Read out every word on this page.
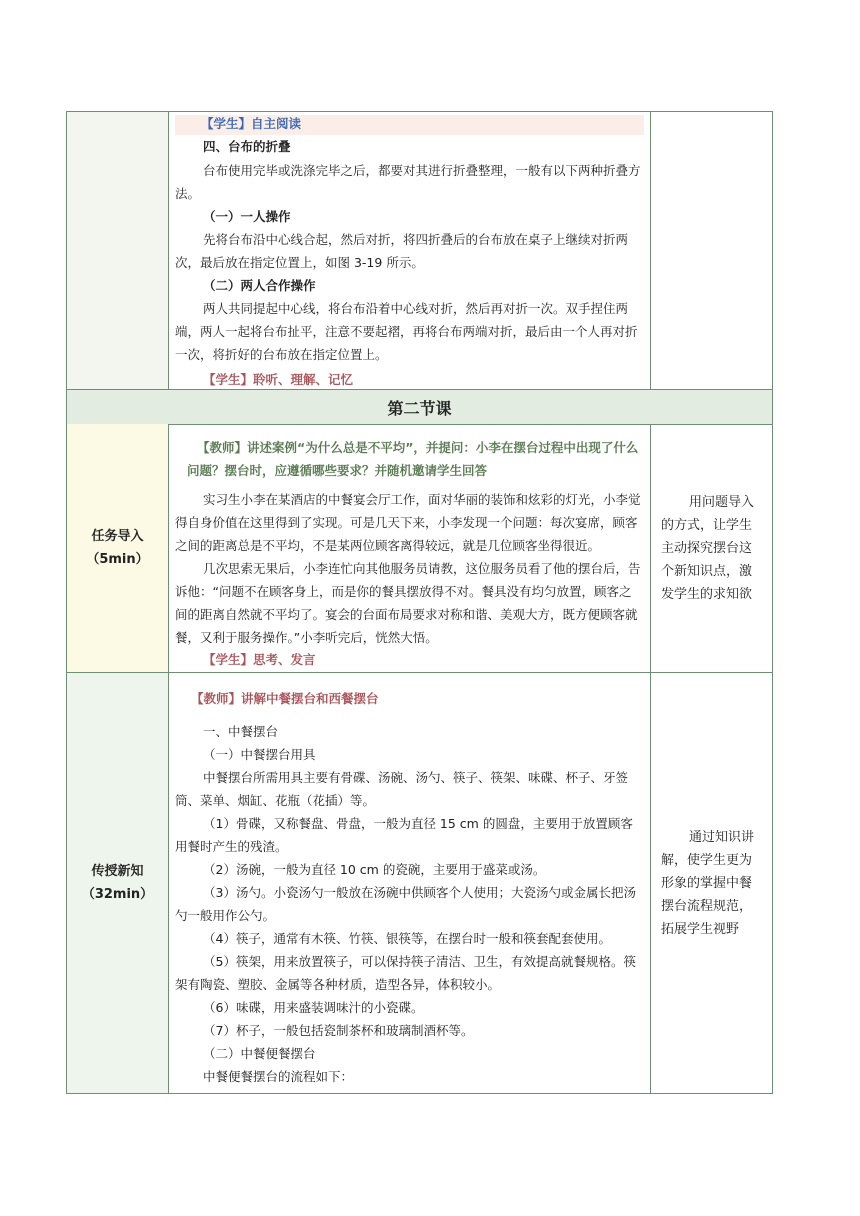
【学生】自主阅读
四、台布的折叠
台布使用完毕或洗涤完毕之后，都要对其进行折叠整理，一般有以下两种折叠方法。
（一）一人操作
先将台布沿中心线合起，然后对折，将四折叠后的台布放在桌子上继续对折两次，最后放在指定位置上，如图 3-19 所示。
（二）两人合作操作
两人共同提起中心线，将台布沿着中心线对折，然后再对折一次。双手捏住两端，两人一起将台布扯平，注意不要起褶，再将台布两端对折，最后由一个人再对折一次，将折好的台布放在指定位置上。
【学生】聆听、理解、记忆
第二节课
任务导入
（5min）
【教师】讲述案例“为什么总是不平均”，并提问：小李在摆台过程中出现了什么问题？摆台时，应遵循哪些要求？并随机邀请学生回答
实习生小李在某酒店的中餐宴会厅工作，面对华丽的装饰和炫彩的灯光，小李觉得自身价值在这里得到了实现。可是几天下来，小李发现一个问题：每次宴席，顾客之间的距离总是不平均，不是某两位顾客离得较远，就是几位顾客坐得很近。
几次思索无果后，小李连忙向其他服务员请教，这位服务员看了他的摆台后，告诉他：“问题不在顾客身上，而是你的餐具摆放得不对。餐具没有均匀放置，顾客之间的距离自然就不平均了。宴会的台面布局要求对称和谐、美观大方，既方便顾客就餐，又利于服务操作。”小李听完后，恍然大悟。
【学生】思考、发言
用问题导入的方式，让学生主动探究摆台这个新知识点，激发学生的求知欲
传授新知
（32min）
【教师】讲解中餐摆台和西餐摆台
一、中餐摆台
（一）中餐摆台用具
中餐摆台所需用具主要有骨碟、汤碗、汤勺、筷子、筷架、味碟、杯子、牙签筒、菜单、烟缸、花瓶（花插）等。
（1）骨碟，又称餐盘、骨盘，一般为直径 15 cm 的圆盘，主要用于放置顾客用餐时产生的残渣。
（2）汤碗，一般为直径 10 cm 的瓷碗，主要用于盛菜或汤。
（3）汤勺。小瓷汤勺一般放在汤碗中供顾客个人使用；大瓷汤勺或金属长把汤勺一般用作公勺。
（4）筷子，通常有木筷、竹筷、银筷等，在摆台时一般和筷套配套使用。
（5）筷架，用来放置筷子，可以保持筷子清洁、卫生，有效提高就餐规格。筷架有陶瓷、塑胶、金属等各种材质，造型各异，体积较小。
（6）味碟，用来盛装调味汁的小瓷碟。
（7）杯子，一般包括瓷制茶杯和玻璃制酒杯等。
（二）中餐便餐摆台
中餐便餐摆台的流程如下：
通过知识讲解，使学生更为形象的掌握中餐摆台流程规范，拓展学生视野
